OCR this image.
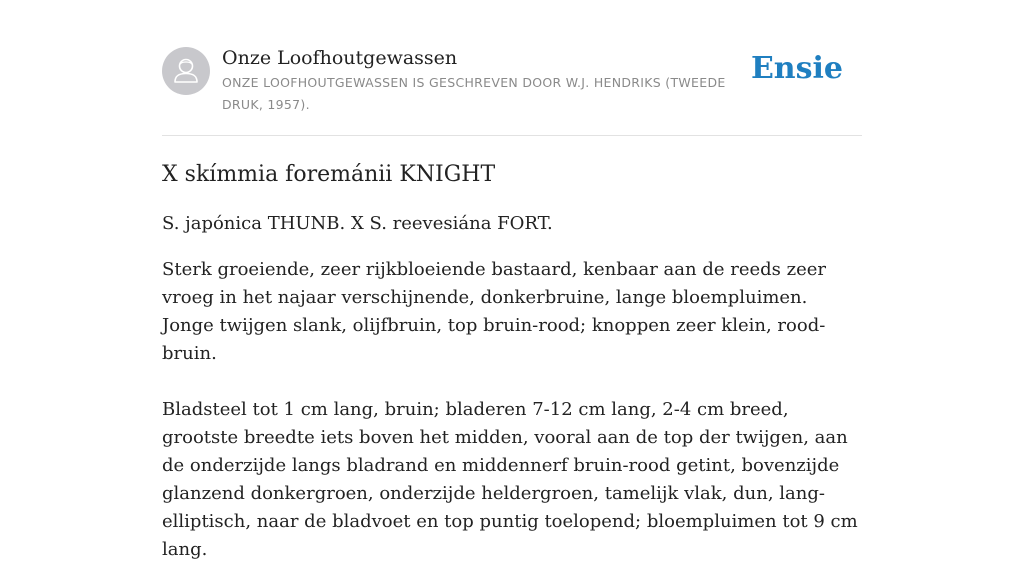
Onze Loofhoutgewassen
ONZE LOOFHOUTGEWASSEN IS GESCHREVEN DOOR W.J. HENDRIKS (TWEEDE DRUK, 1957).
Ensie
X skímmia foremánii KNIGHT

S. japónica THUNB. X S. reevesiána FORT.

Sterk groeiende, zeer rijkbloeiende bastaard, kenbaar aan de reeds zeer vroeg in het najaar verschijnende, donkerbruine, lange bloempluimen. Jonge twijgen slank, olijfbruin, top bruin-rood; knoppen zeer klein, rood-bruin.

Bladsteel tot 1 cm lang, bruin; bladeren 7-12 cm lang, 2-4 cm breed, grootste breedte iets boven het midden, vooral aan de top der twijgen, aan de onderzijde langs bladrand en middennerf bruin-rood getint, bovenzijde glanzend donkergroen, onderzijde heldergroen, tamelijk vlak, dun, lang-elliptisch, naar de bladvoet en top puntig toelopend; bloempluimen tot 9 cm lang.
